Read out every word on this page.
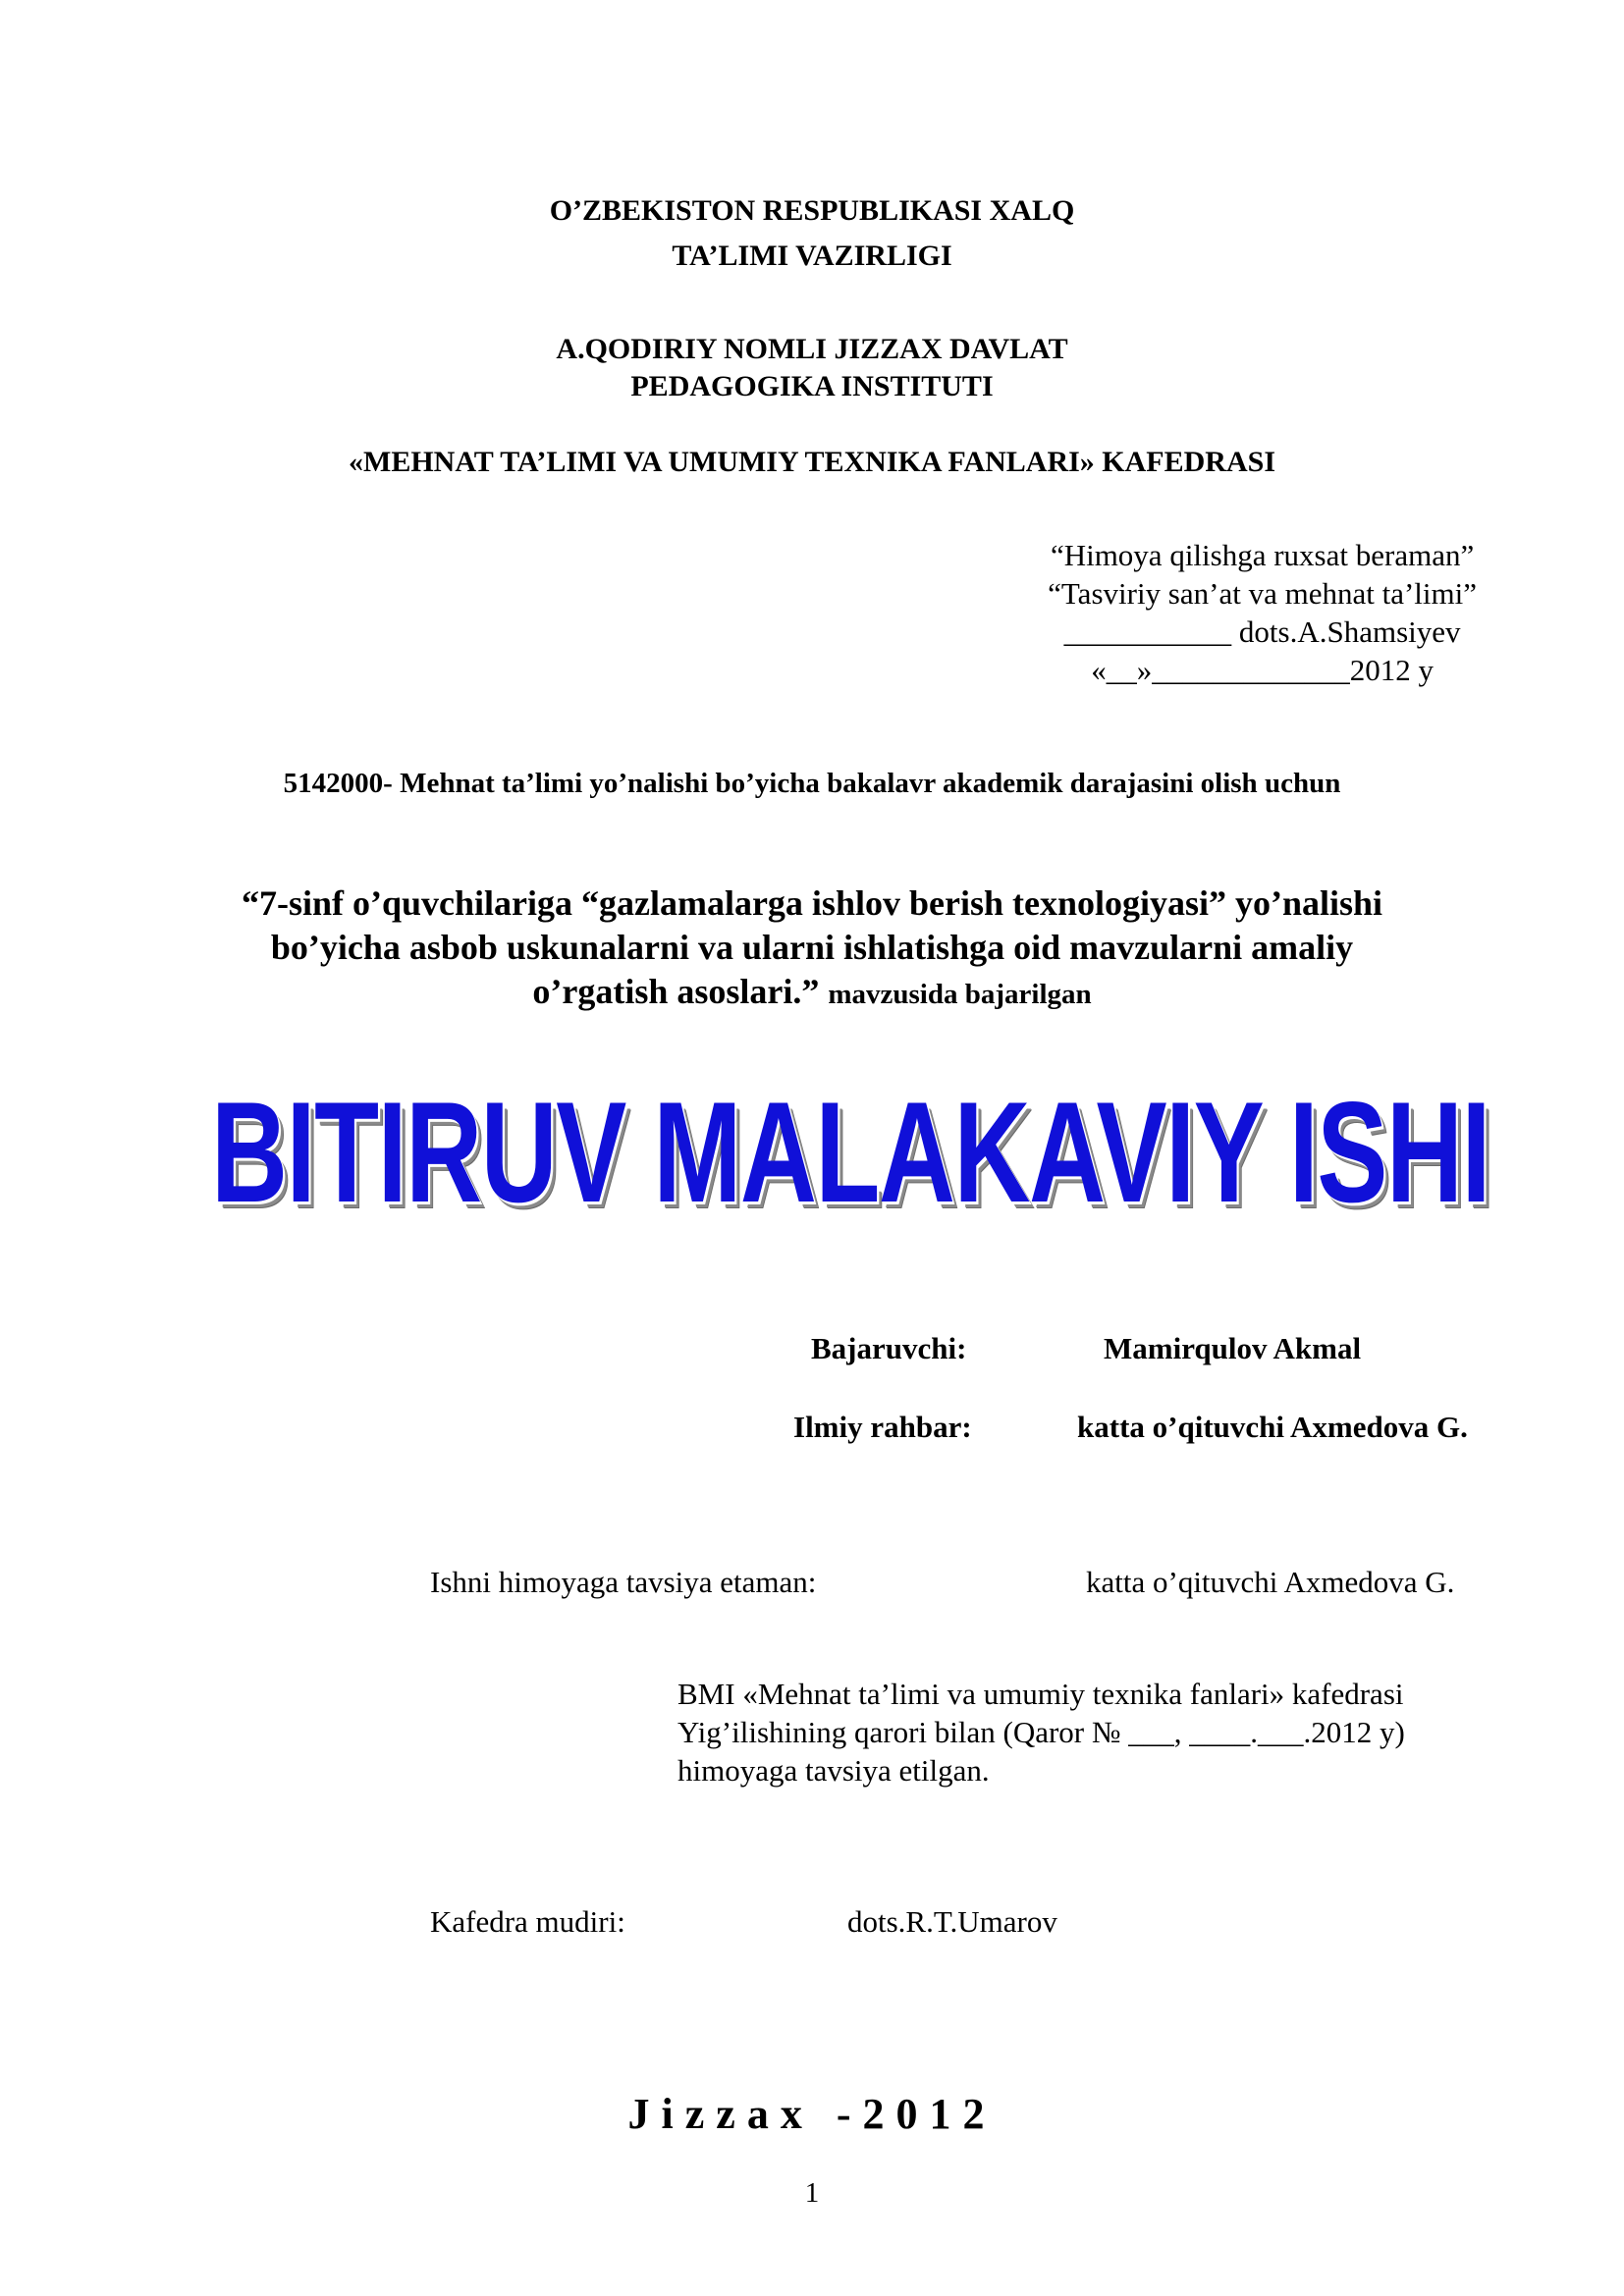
O’ZBEKISTON RESPUBLIKASI XALQ
TA’LIMI VAZIRLIGI
A.QODIRIY NOMLI JIZZAX DAVLAT
PEDAGOGIKA INSTITUTI
«MEHNAT TA’LIMI VA UMUMIY TEXNIKA FANLARI» KAFEDRASI
“Himoya qilishga ruxsat beraman”
“Tasviriy san’at va mehnat ta’limi”
___________ dots.A.Shamsiyev
«__»_____________2012 y
5142000- Mehnat ta’limi yo’nalishi bo’yicha bakalavr akademik darajasini olish uchun
“7-sinf o’quvchilariga “gazlamalarga ishlov berish texnologiyasi” yo’nalishi
bo’yicha asbob uskunalarni va ularni ishlatishga oid mavzularni amaliy
o’rgatish asoslari.” mavzusida bajarilgan
BITIRUV MALAKAVIY ISHI
Bajaruvchi:	Mamirqulov Akmal
Ilmiy rahbar:	katta o’qituvchi Axmedova G.
Ishni himoyaga tavsiya etaman:	katta o’qituvchi Axmedova G.
BMI «Mehnat ta’limi va umumiy texnika fanlari» kafedrasi
Yig’ilishining qarori bilan (Qaror № ___, ____.___.2012 y)
himoyaga tavsiya etilgan.
Kafedra mudiri:	dots.R.T.Umarov
Jizzax -2012
1
